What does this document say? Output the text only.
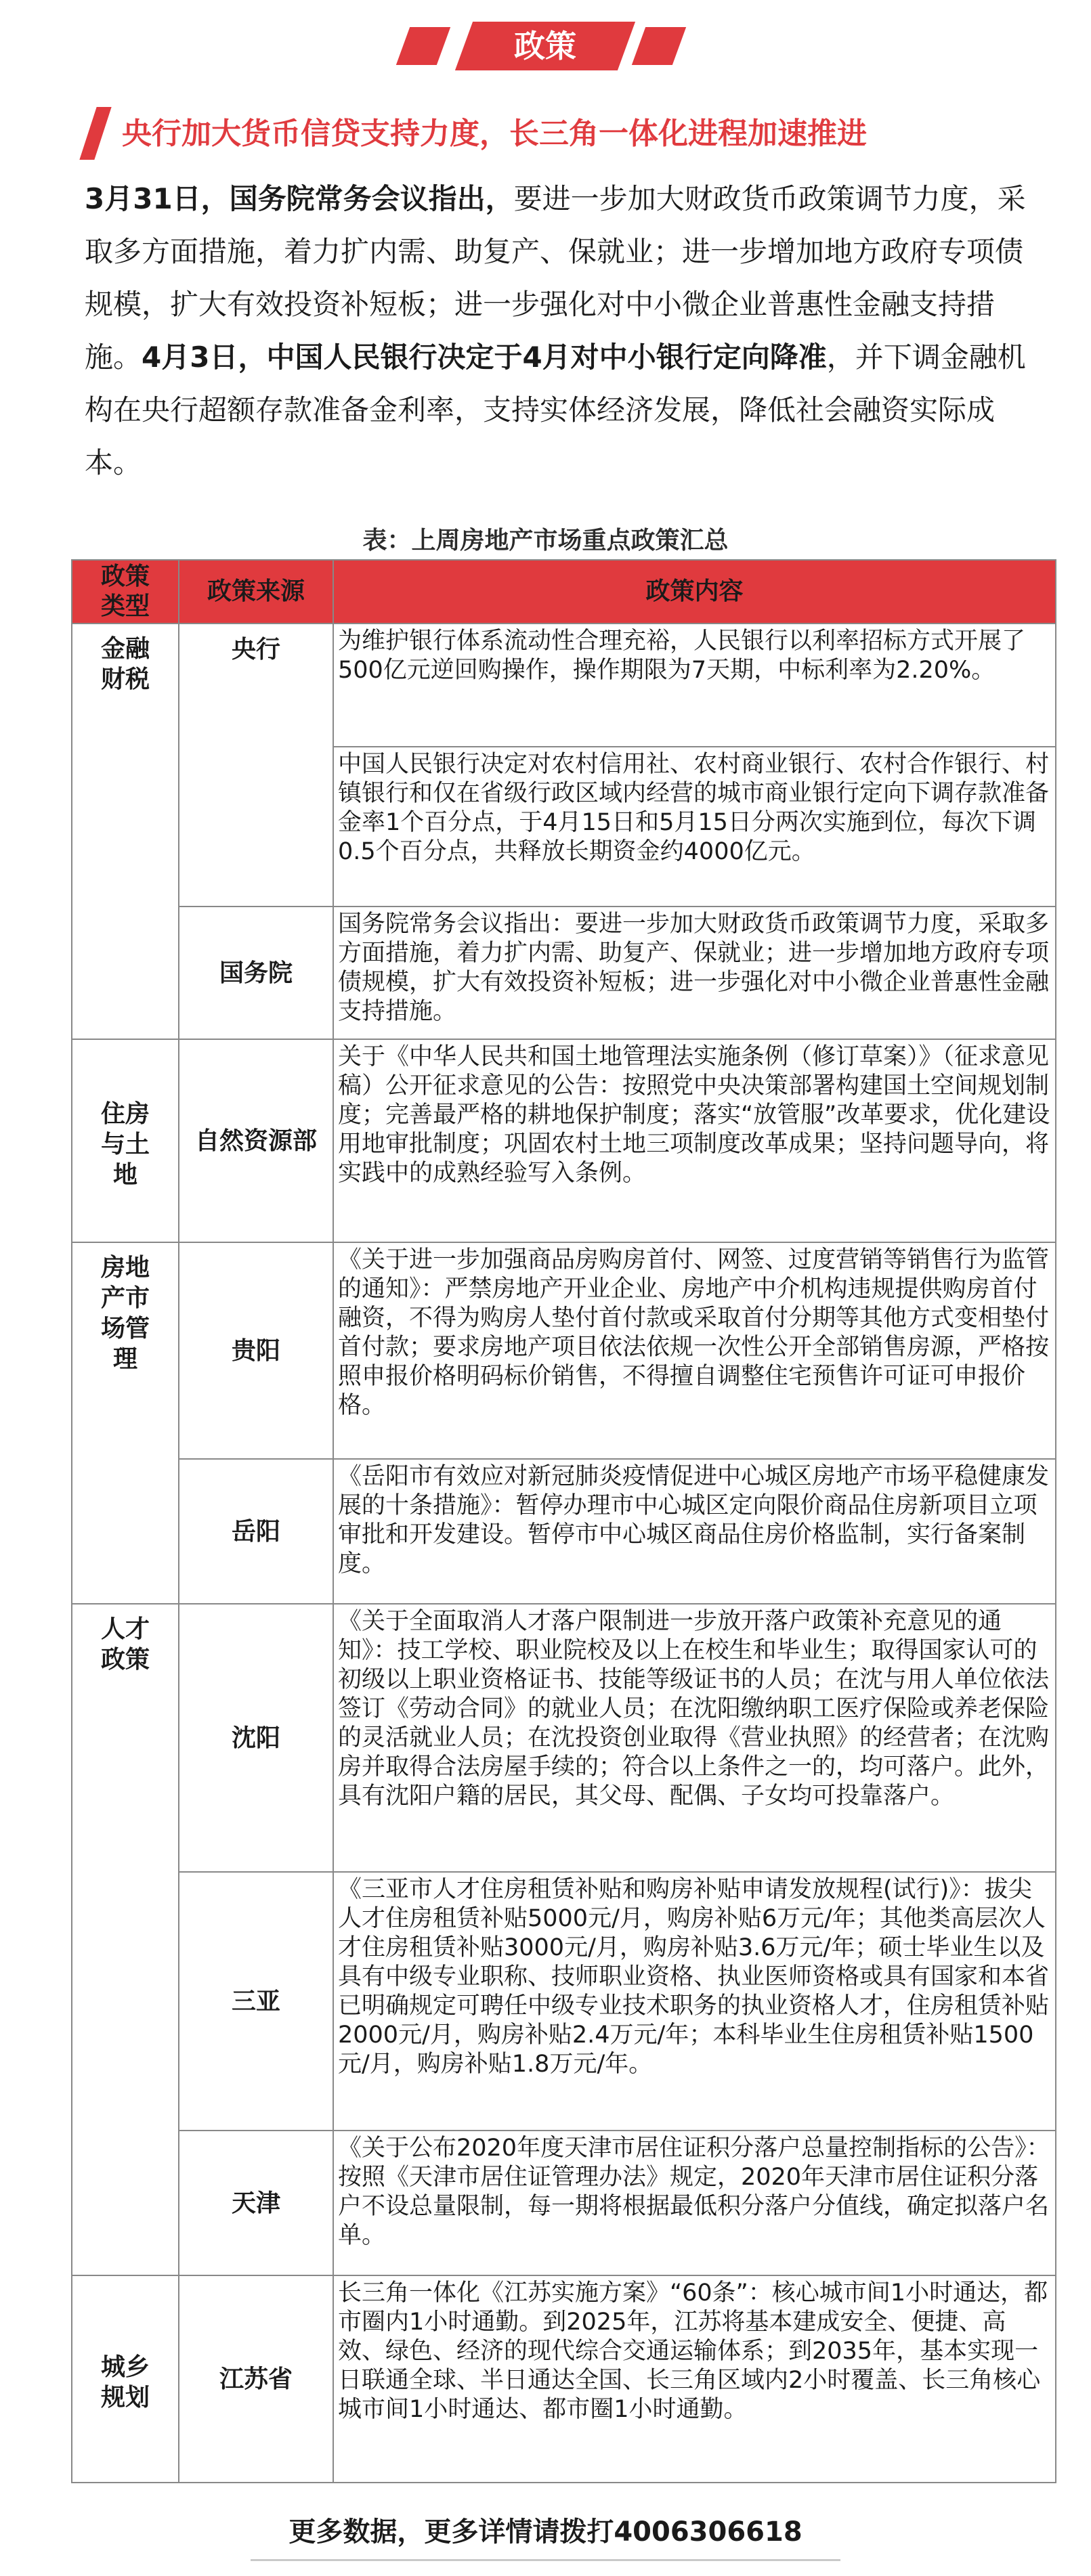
政策
央行加大货币信贷支持力度，长三角一体化进程加速推进
3月31日，国务院常务会议指出，要进一步加大财政货币政策调节力度，采取多方面措施，着力扩内需、助复产、保就业；进一步增加地方政府专项债规模，扩大有效投资补短板；进一步强化对中小微企业普惠性金融支持措施。4月3日，中国人民银行决定于4月对中小银行定向降准，并下调金融机构在央行超额存款准备金利率，支持实体经济发展，降低社会融资实际成本。
表：上周房地产市场重点政策汇总
政策类型	政策来源	政策内容
金融财税	央行	为维护银行体系流动性合理充裕，人民银行以利率招标方式开展了500亿元逆回购操作，操作期限为7天期，中标利率为2.20%。
		中国人民银行决定对农村信用社、农村商业银行、农村合作银行、村镇银行和仅在省级行政区域内经营的城市商业银行定向下调存款准备金率1个百分点，于4月15日和5月15日分两次实施到位，每次下调0.5个百分点，共释放长期资金约4000亿元。
	国务院	国务院常务会议指出：要进一步加大财政货币政策调节力度，采取多方面措施，着力扩内需、助复产、保就业；进一步增加地方政府专项债规模，扩大有效投资补短板；进一步强化对中小微企业普惠性金融支持措施。
住房与土地	自然资源部	关于《中华人民共和国土地管理法实施条例（修订草案）》（征求意见稿）公开征求意见的公告：按照党中央决策部署构建国土空间规划制度；完善最严格的耕地保护制度；落实“放管服”改革要求，优化建设用地审批制度；巩固农村土地三项制度改革成果；坚持问题导向，将实践中的成熟经验写入条例。
房地产市场管理	贵阳	《关于进一步加强商品房购房首付、网签、过度营销等销售行为监管的通知》：严禁房地产开业企业、房地产中介机构违规提供购房首付融资，不得为购房人垫付首付款或采取首付分期等其他方式变相垫付首付款；要求房地产项目依法依规一次性公开全部销售房源，严格按照申报价格明码标价销售，不得擅自调整住宅预售许可证可申报价格。
	岳阳	《岳阳市有效应对新冠肺炎疫情促进中心城区房地产市场平稳健康发展的十条措施》：暂停办理市中心城区定向限价商品住房新项目立项审批和开发建设。暂停市中心城区商品住房价格监制，实行备案制度。
人才政策	沈阳	《关于全面取消人才落户限制进一步放开落户政策补充意见的通知》：技工学校、职业院校及以上在校生和毕业生；取得国家认可的初级以上职业资格证书、技能等级证书的人员；在沈与用人单位依法签订《劳动合同》的就业人员；在沈阳缴纳职工医疗保险或养老保险的灵活就业人员；在沈投资创业取得《营业执照》的经营者；在沈购房并取得合法房屋手续的；符合以上条件之一的，均可落户。此外，具有沈阳户籍的居民，其父母、配偶、子女均可投靠落户。
	三亚	《三亚市人才住房租赁补贴和购房补贴申请发放规程(试行)》：拔尖人才住房租赁补贴5000元/月，购房补贴6万元/年；其他类高层次人才住房租赁补贴3000元/月，购房补贴3.6万元/年；硕士毕业生以及具有中级专业职称、技师职业资格、执业医师资格或具有国家和本省已明确规定可聘任中级专业技术职务的执业资格人才，住房租赁补贴2000元/月，购房补贴2.4万元/年；本科毕业生住房租赁补贴1500元/月，购房补贴1.8万元/年。
	天津	《关于公布2020年度天津市居住证积分落户总量控制指标的公告》：按照《天津市居住证管理办法》规定，2020年天津市居住证积分落户不设总量限制，每一期将根据最低积分落户分值线，确定拟落户名单。
城乡规划	江苏省	长三角一体化《江苏实施方案》“60条”：核心城市间1小时通达，都市圈内1小时通勤。到2025年，江苏将基本建成安全、便捷、高效、绿色、经济的现代综合交通运输体系；到2035年，基本实现一日联通全球、半日通达全国、长三角区域内2小时覆盖、长三角核心城市间1小时通达、都市圈1小时通勤。
更多数据，更多详情请拨打4006306618
